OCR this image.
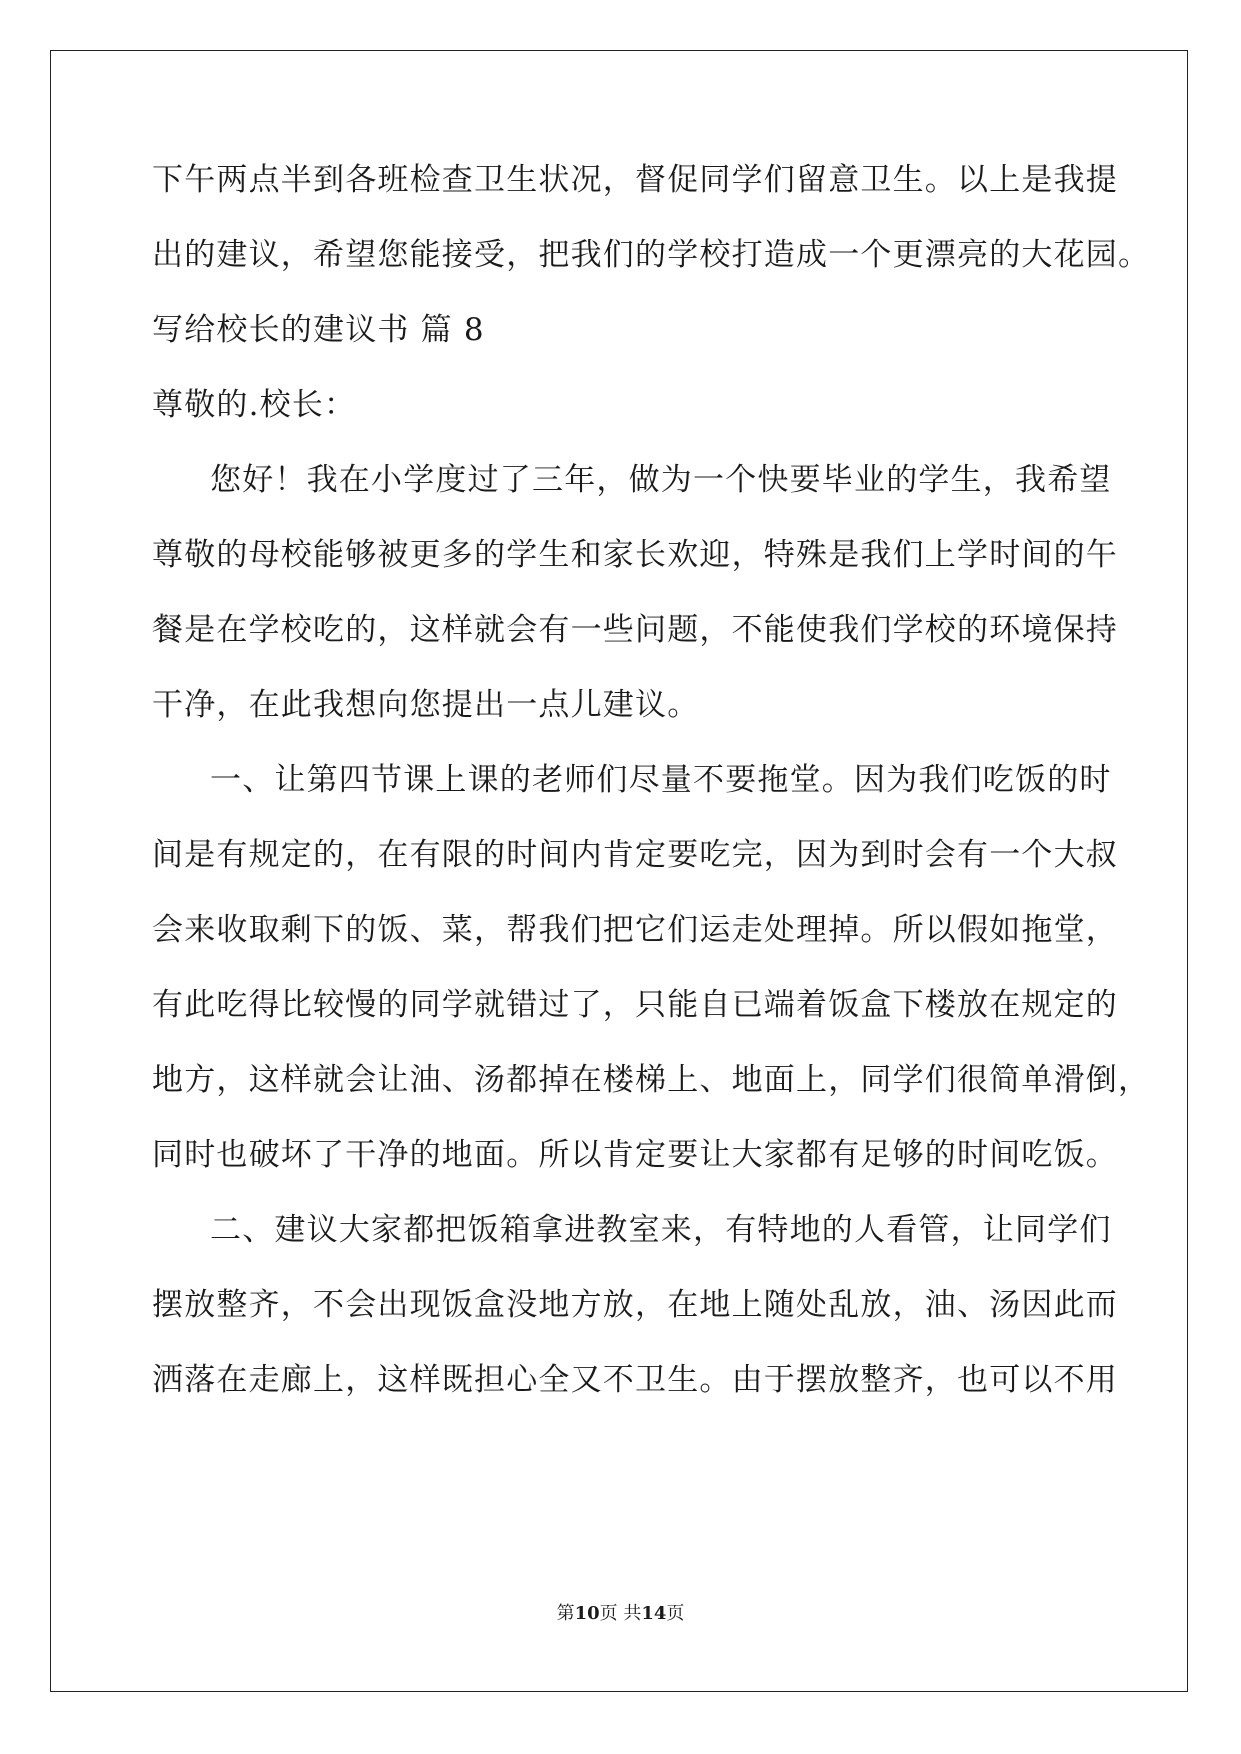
下午两点半到各班检查卫生状况，督促同学们留意卫生。以上是我提
出的建议，希望您能接受，把我们的学校打造成一个更漂亮的大花园。
写给校长的建议书 篇 8
尊敬的.校长：
您好！我在小学度过了三年，做为一个快要毕业的学生，我希望
尊敬的母校能够被更多的学生和家长欢迎，特殊是我们上学时间的午
餐是在学校吃的，这样就会有一些问题，不能使我们学校的环境保持
干净，在此我想向您提出一点儿建议。
一、让第四节课上课的老师们尽量不要拖堂。因为我们吃饭的时
间是有规定的，在有限的时间内肯定要吃完，因为到时会有一个大叔
会来收取剩下的饭、菜，帮我们把它们运走处理掉。所以假如拖堂，
有此吃得比较慢的同学就错过了，只能自已端着饭盒下楼放在规定的
地方，这样就会让油、汤都掉在楼梯上、地面上，同学们很简单滑倒，
同时也破坏了干净的地面。所以肯定要让大家都有足够的时间吃饭。
二、建议大家都把饭箱拿进教室来，有特地的人看管，让同学们
摆放整齐，不会出现饭盒没地方放，在地上随处乱放，油、汤因此而
洒落在走廊上，这样既担心全又不卫生。由于摆放整齐，也可以不用
第10页 共14页
